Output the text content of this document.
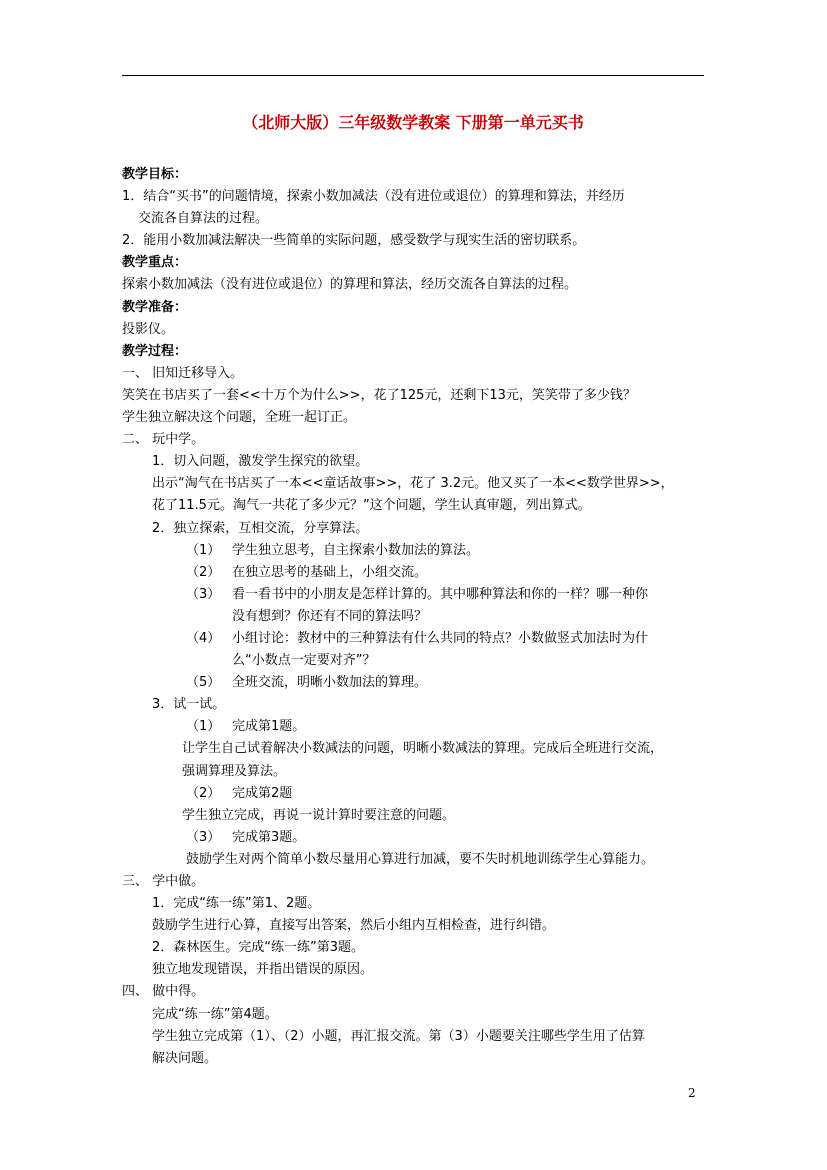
（北师大版）三年级数学教案 下册第一单元买书
教学目标：
1．结合“买书”的问题情境，探索小数加减法（没有进位或退位）的算理和算法，并经历
交流各自算法的过程。
2．能用小数加减法解决一些简单的实际问题，感受数学与现实生活的密切联系。
教学重点：
探索小数加减法（没有进位或退位）的算理和算法，经历交流各自算法的过程。
教学准备：
投影仪。
教学过程：
一、 旧知迁移导入。
笑笑在书店买了一套<<十万个为什么>>，花了125元，还剩下13元，笑笑带了多少钱？
学生独立解决这个问题，全班一起订正。
二、 玩中学。
1．切入问题，激发学生探究的欲望。
出示“淘气在书店买了一本<<童话故事>>，花了 3.2元。他又买了一本<<数学世界>>，
花了11.5元。淘气一共花了多少元？”这个问题，学生认真审题，列出算式。
2．独立探索，互相交流，分享算法。
（1） 学生独立思考，自主探索小数加法的算法。
（2） 在独立思考的基础上，小组交流。
（3） 看一看书中的小朋友是怎样计算的。其中哪种算法和你的一样？哪一种你
没有想到？你还有不同的算法吗？
（4） 小组讨论：教材中的三种算法有什么共同的特点？小数做竖式加法时为什
么“小数点一定要对齐”？
（5） 全班交流，明晰小数加法的算理。
3．试一试。
（1） 完成第1题。
让学生自己试着解决小数减法的问题，明晰小数减法的算理。完成后全班进行交流，
强调算理及算法。
（2） 完成第2题
学生独立完成，再说一说计算时要注意的问题。
（3） 完成第3题。
鼓励学生对两个简单小数尽量用心算进行加减，要不失时机地训练学生心算能力。
三、 学中做。
1．完成“练一练”第1、2题。
鼓励学生进行心算，直接写出答案，然后小组内互相检查，进行纠错。
2．森林医生。完成“练一练”第3题。
独立地发现错误，并指出错误的原因。
四、 做中得。
完成“练一练”第4题。
学生独立完成第（1）、（2）小题，再汇报交流。第（3）小题要关注哪些学生用了估算
解决问题。
2
